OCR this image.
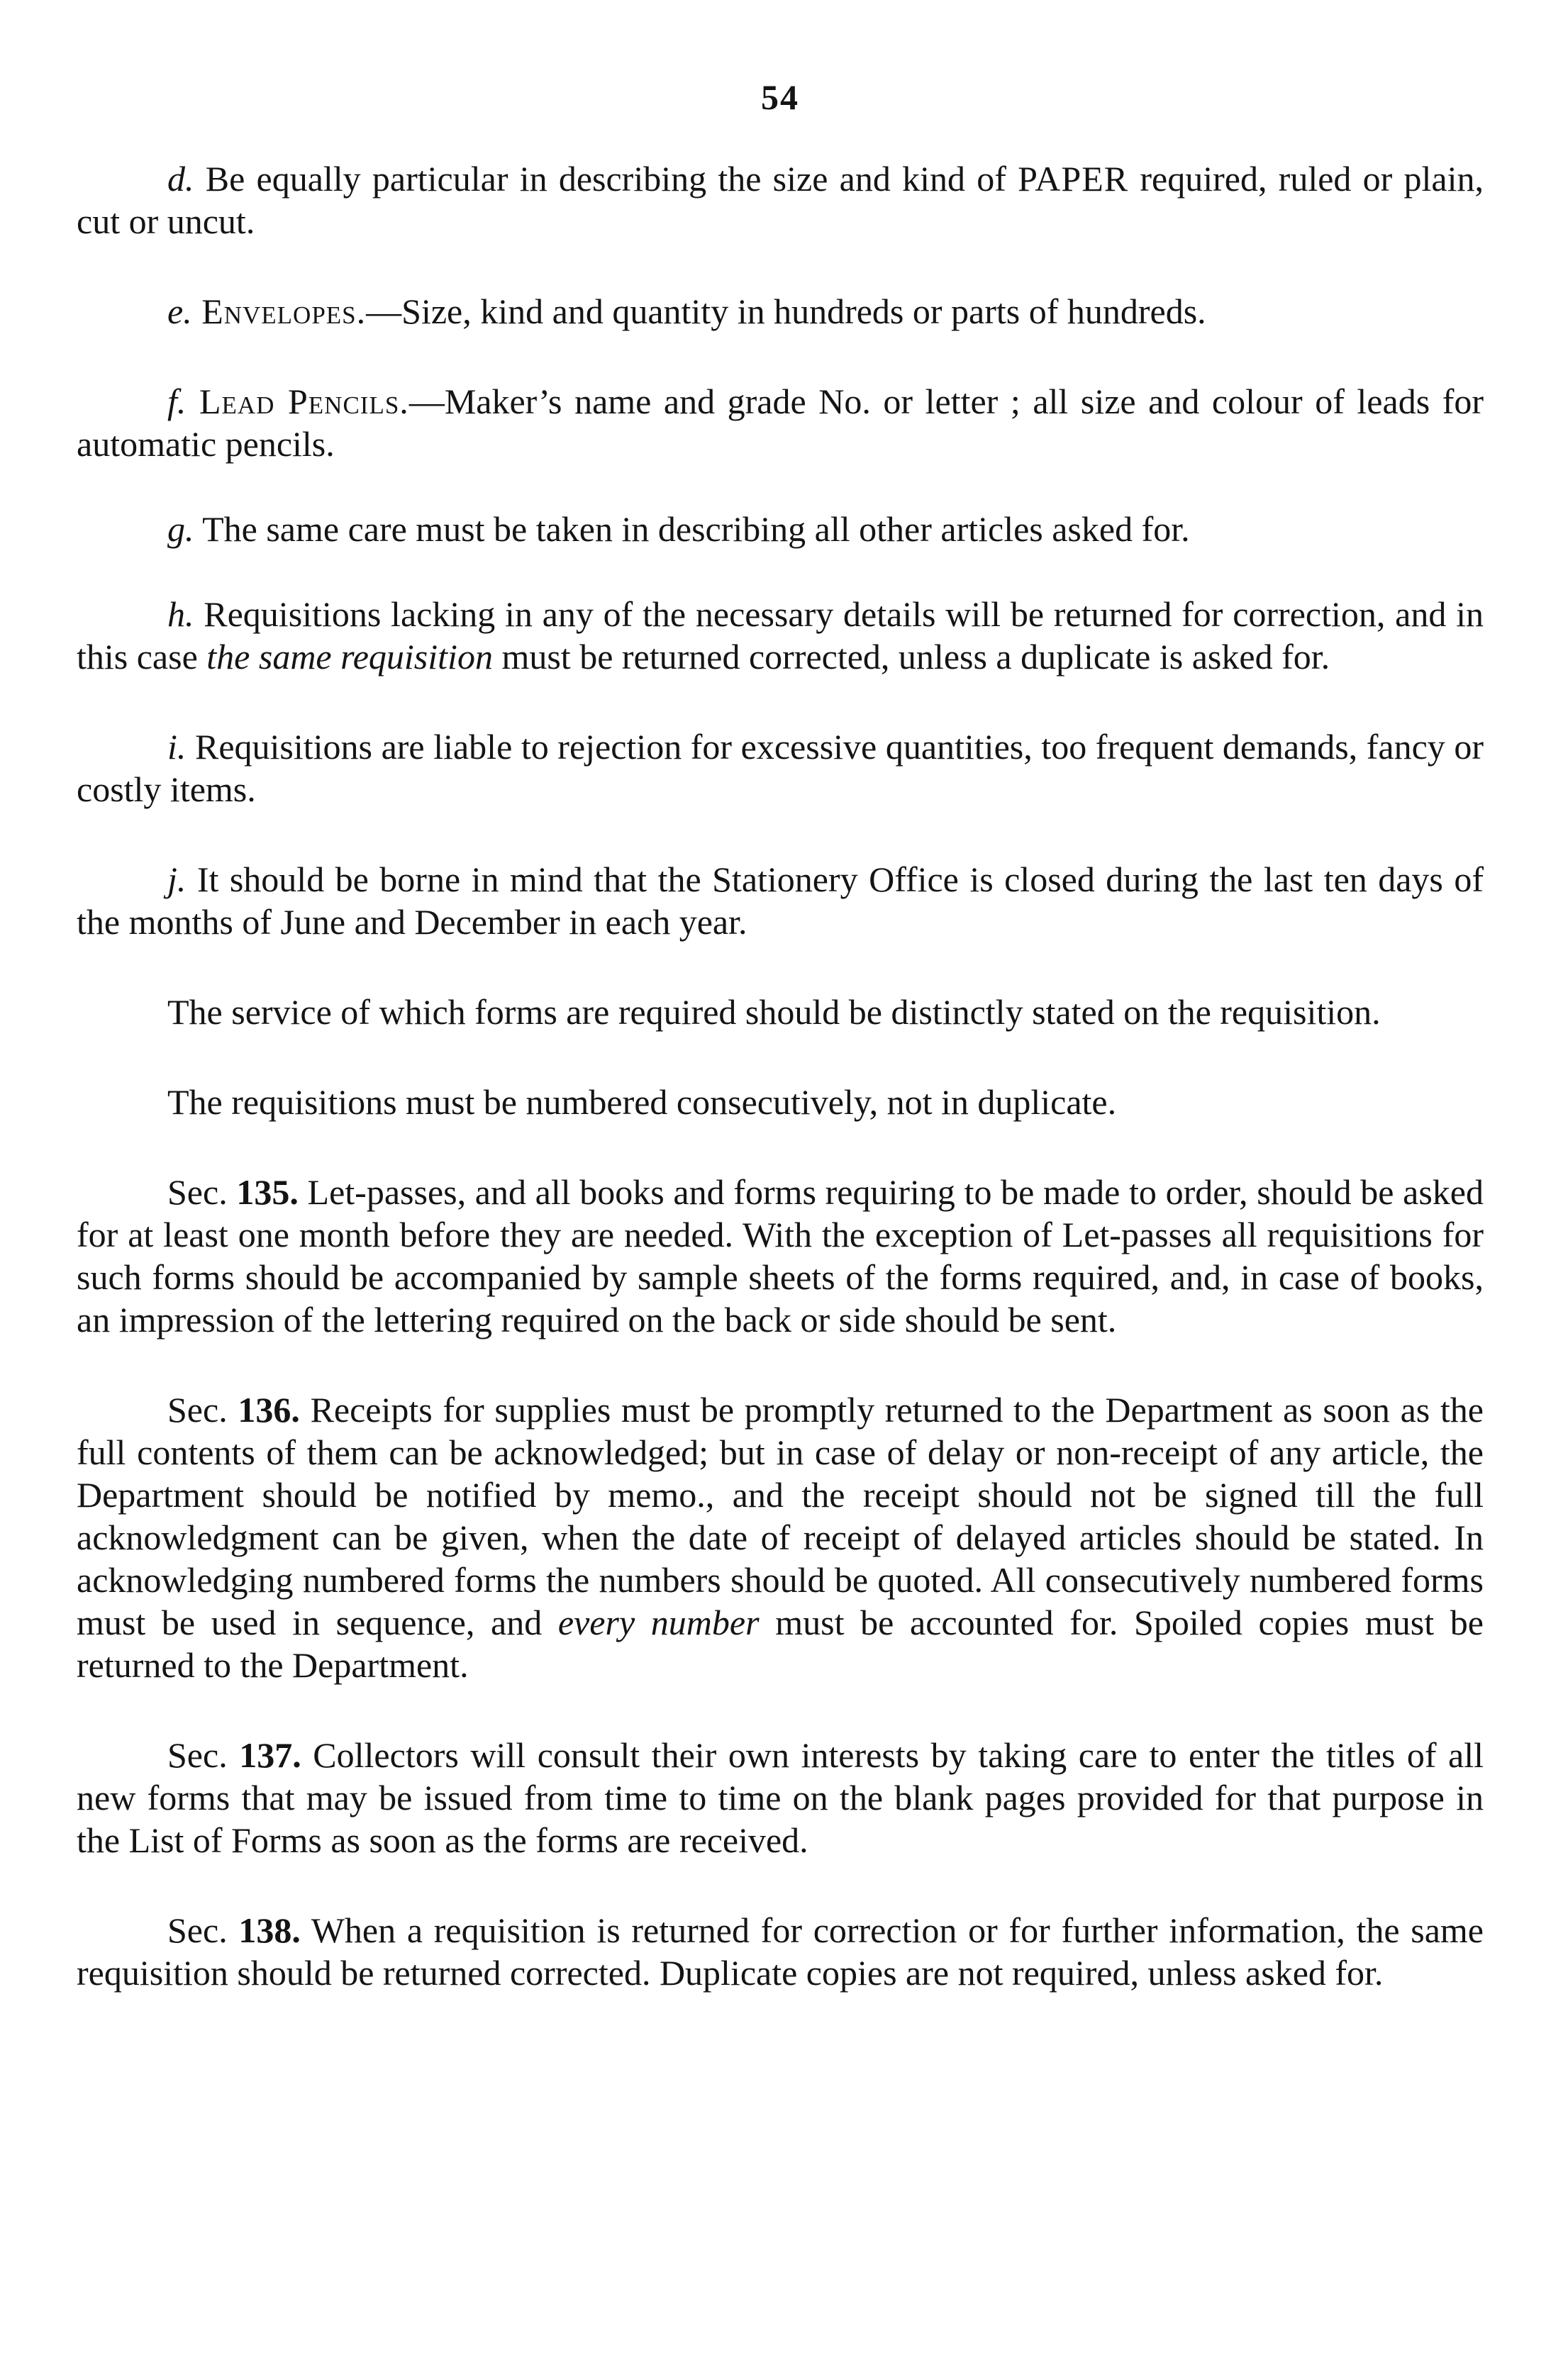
54

d. Be equally particular in describing the size and kind of PAPER required, ruled or plain, cut or uncut.

e. Envelopes.—Size, kind and quantity in hundreds or parts of hundreds.

f. Lead Pencils.—Maker’s name and grade No. or letter ; all size and colour of leads for automatic pencils.

g. The same care must be taken in describing all other articles asked for.

h. Requisitions lacking in any of the necessary details will be returned for correction, and in this case the same requisition must be returned corrected, unless a duplicate is asked for.

i. Requisitions are liable to rejection for excessive quantities, too frequent demands, fancy or costly items.

j. It should be borne in mind that the Stationery Office is closed during the last ten days of the months of June and December in each year.

The service of which forms are required should be distinctly stated on the requisition.

The requisitions must be numbered consecutively, not in duplicate.

Sec. 135. Let-passes, and all books and forms requiring to be made to order, should be asked for at least one month before they are needed. With the exception of Let-passes all requisitions for such forms should be accompanied by sample sheets of the forms required, and, in case of books, an impression of the lettering required on the back or side should be sent.

Sec. 136. Receipts for supplies must be promptly returned to the Department as soon as the full contents of them can be acknowledged; but in case of delay or non-receipt of any article, the Department should be notified by memo., and the receipt should not be signed till the full acknowledgment can be given, when the date of receipt of delayed articles should be stated. In acknowledging numbered forms the numbers should be quoted. All consecutively numbered forms must be used in sequence, and every number must be accounted for. Spoiled copies must be returned to the Department.

Sec. 137. Collectors will consult their own interests by taking care to enter the titles of all new forms that may be issued from time to time on the blank pages provided for that purpose in the List of Forms as soon as the forms are received.

Sec. 138. When a requisition is returned for correction or for further information, the same requisition should be returned corrected. Duplicate copies are not required, unless asked for.
